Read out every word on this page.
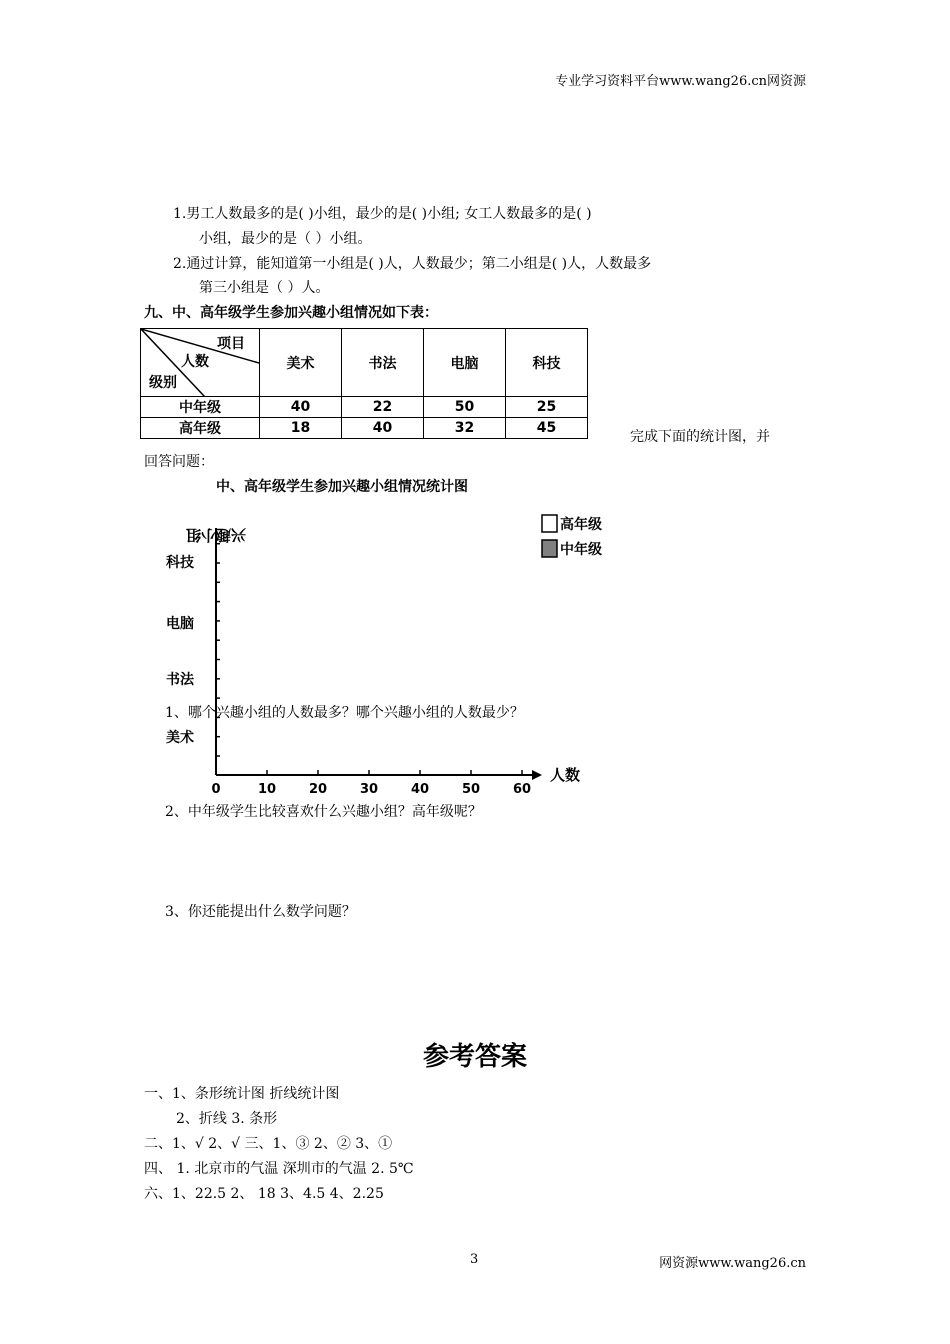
专业学习资料平台www.wang26.cn网资源
1.男工人数最多的是( )小组，最少的是( )小组; 女工人数最多的是( )
小组，最少的是（ ）小组。
2.通过计算，能知道第一小组是( )人，人数最少；第二小组是( )人，人数最多
第三小组是（ ）人。
九、中、高年级学生参加兴趣小组情况如下表：
项目
人数
级别	美术	书法	电脑	科技
中年级	40	22	50	25
高年级	18	40	32	45
完成下面的统计图，并
回答问题：
中、高年级学生参加兴趣小组情况统计图
0	10	20	30	40	50	60
科技
电脑
书法
美术
兴趣小组
人数
高年级
中年级
1、哪个兴趣小组的人数最多？哪个兴趣小组的人数最少？
2、中年级学生比较喜欢什么兴趣小组？高年级呢？
3、你还能提出什么数学问题？
参考答案
一、1、条形统计图 折线统计图
2、折线 3. 条形
二、1、√ 2、√ 三、1、③ 2、② 3、①
四、 1. 北京市的气温 深圳市的气温 2. 5℃
六、1、22.5 2、 18 3、4.5 4、2.25
3	网资源www.wang26.cn
